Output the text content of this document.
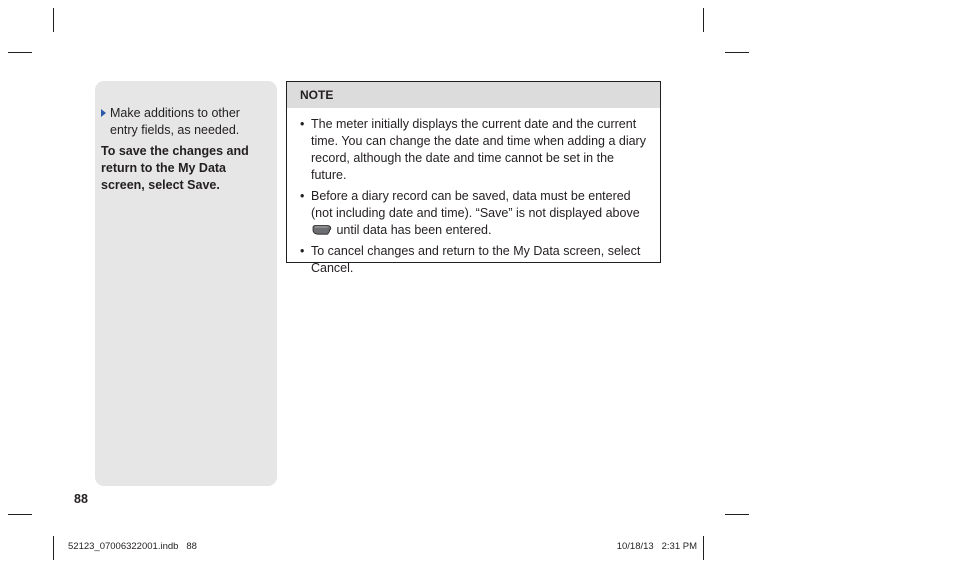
Make additions to other entry fields, as needed.
To save the changes and return to the My Data screen, select Save.
NOTE
• The meter initially displays the current date and the current time. You can change the date and time when adding a diary record, although the date and time cannot be set in the future.
• Before a diary record can be saved, data must be entered (not including date and time). “Save” is not displayed above  until data has been entered.
• To cancel changes and return to the My Data screen, select Cancel.
88
52123_07006322001.indb   88	10/18/13   2:31 PM
